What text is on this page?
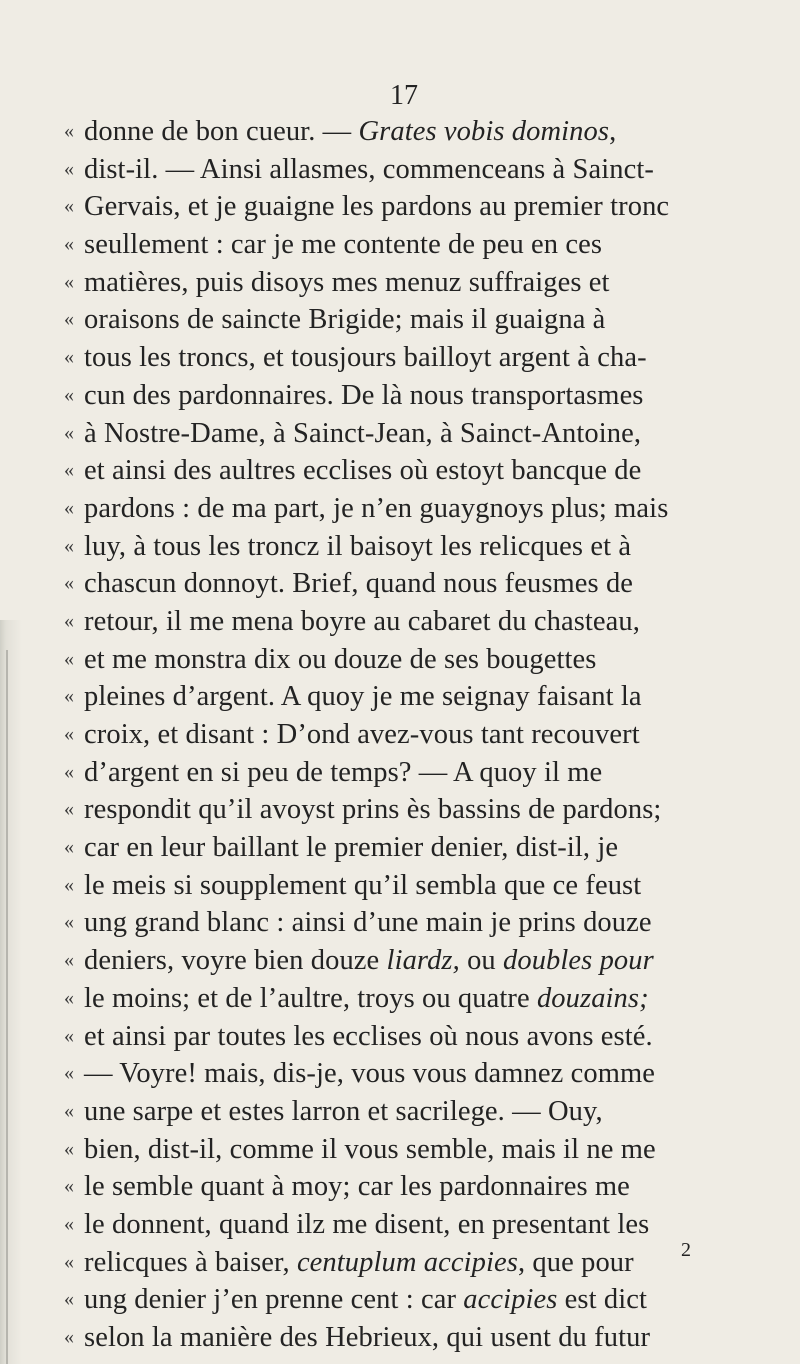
17
« donne de bon cueur. — Grates vobis dominos,
« dist-il. — Ainsi allasmes, commenceans à Sainct-
« Gervais, et je guaigne les pardons au premier tronc
« seullement : car je me contente de peu en ces
« matières, puis disoys mes menuz suffraiges et
« oraisons de saincte Brigide; mais il guaigna à
« tous les troncs, et tousjours bailloyt argent à cha-
« cun des pardonnaires. De là nous transportasmes
« à Nostre-Dame, à Sainct-Jean, à Sainct-Antoine,
« et ainsi des aultres ecclises où estoyt bancque de
« pardons : de ma part, je n’en guaygnoys plus; mais
« luy, à tous les troncz il baisoyt les relicques et à
« chascun donnoyt. Brief, quand nous feusmes de
« retour, il me mena boyre au cabaret du chasteau,
« et me monstra dix ou douze de ses bougettes
« pleines d’argent. A quoy je me seignay faisant la
« croix, et disant : D’ond avez-vous tant recouvert
« d’argent en si peu de temps? — A quoy il me
« respondit qu’il avoyst prins ès bassins de pardons;
« car en leur baillant le premier denier, dist-il, je
« le meis si soupplement qu’il sembla que ce feust
« ung grand blanc : ainsi d’une main je prins douze
« deniers, voyre bien douze liardz, ou doubles pour
« le moins; et de l’aultre, troys ou quatre douzains;
« et ainsi par toutes les ecclises où nous avons esté.
« — Voyre! mais, dis-je, vous vous damnez comme
« une sarpe et estes larron et sacrilege. — Ouy,
« bien, dist-il, comme il vous semble, mais il ne me
« le semble quant à moy; car les pardonnaires me
« le donnent, quand ilz me disent, en presentant les
« relicques à baiser, centuplum accipies, que pour
« ung denier j’en prenne cent : car accipies est dict
« selon la manière des Hebrieux, qui usent du futur
2
